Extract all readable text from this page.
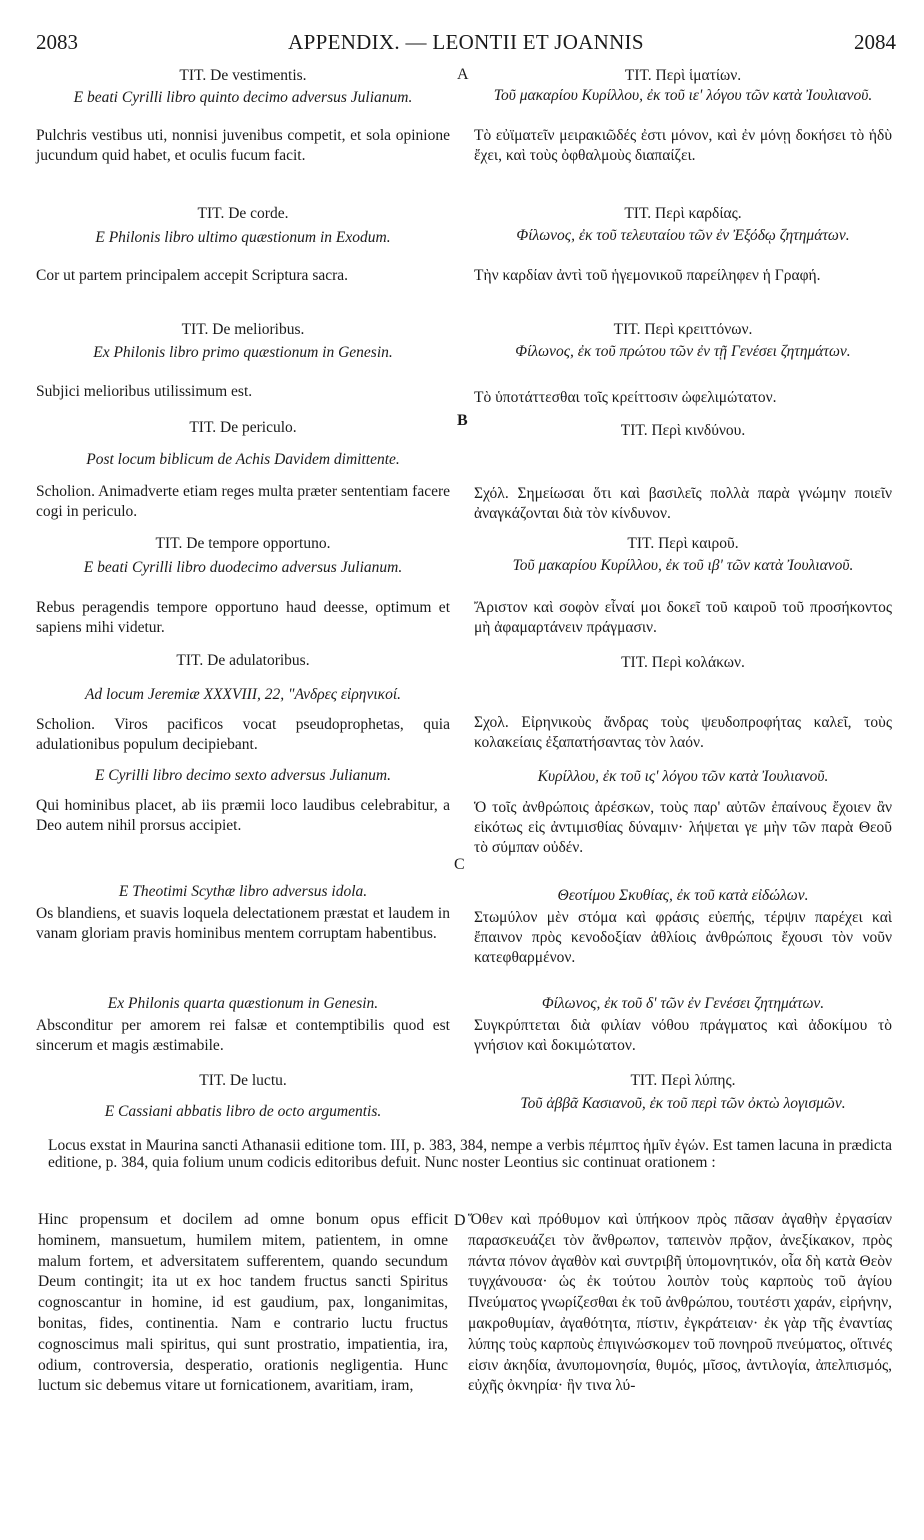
2083	APPENDIX. — LEONTII ET JOANNIS	2084
A
B
C
D
TIT. De vestimentis.
E beati Cyrilli libro quinto decimo adversus Julianum.
Pulchris vestibus uti, nonnisi juvenibus competit, et sola opinione jucundum quid habet, et oculis fucum facit.
TIT. De corde.
E Philonis libro ultimo quæstionum in Exodum.
Cor ut partem principalem accepit Scriptura sacra.
TIT. De melioribus.
Ex Philonis libro primo quæstionum in Genesin.
Subjici melioribus utilissimum est.
TIT. De periculo.
Post locum biblicum de Achis Davidem dimittente.
Scholion. Animadverte etiam reges multa præter sententiam facere cogi in periculo.
TIT. De tempore opportuno.
E beati Cyrilli libro duodecimo adversus Julianum.
Rebus peragendis tempore opportuno haud deesse, optimum et sapiens mihi videtur.
TIT. De adulatoribus.
Ad locum Jeremiæ XXXVIII, 22, "Ανδρες εἰρηνικοί.
Scholion. Viros pacificos vocat pseudoprophetas, quia adulationibus populum decipiebant.
E Cyrilli libro decimo sexto adversus Julianum.
Qui hominibus placet, ab iis præmii loco laudibus celebrabitur, a Deo autem nihil prorsus accipiet.
E Theotimi Scythæ libro adversus idola.
Os blandiens, et suavis loquela delectationem præstat et laudem in vanam gloriam pravis hominibus mentem corruptam habentibus.
Ex Philonis quarta quæstionum in Genesin.
Absconditur per amorem rei falsæ et contemptibilis quod est sincerum et magis æstimabile.
TIT. De luctu.
E Cassiani abbatis libro de octo argumentis.
TIT. Περὶ ἱματίων.
Τοῦ μακαρίου Κυρίλλου, ἐκ τοῦ ιε' λόγου τῶν κατὰ Ἰουλιανοῦ.
Τὸ εὐϊματεῖν μειρακιῶδές ἐστι μόνον, καὶ ἐν μόνῃ δοκήσει τὸ ἡδὺ ἔχει, καὶ τοὺς ὀφθαλμοὺς διαπαίζει.
TIT. Περὶ καρδίας.
Φίλωνος, ἐκ τοῦ τελευταίου τῶν ἐν Ἐξόδῳ ζητημάτων.
Τὴν καρδίαν ἀντὶ τοῦ ἡγεμονικοῦ παρείληφεν ἡ Γραφή.
TIT. Περὶ κρειττόνων.
Φίλωνος, ἐκ τοῦ πρώτου τῶν ἐν τῇ Γενέσει ζητημάτων.
Τὸ ὑποτάττεσθαι τοῖς κρείττοσιν ὠφελιμώτατον.
TIT. Περὶ κινδύνου.
Σχόλ. Σημείωσαι ὅτι καὶ βασιλεῖς πολλὰ παρὰ γνώμην ποιεῖν ἀναγκάζονται διὰ τὸν κίνδυνον.
TIT. Περὶ καιροῦ.
Τοῦ μακαρίου Κυρίλλου, ἐκ τοῦ ιβ' τῶν κατὰ Ἰουλιανοῦ.
Ἄριστον καὶ σοφὸν εἶναί μοι δοκεῖ τοῦ καιροῦ τοῦ προσήκοντος μὴ ἀφαμαρτάνειν πράγμασιν.
TIT. Περὶ κολάκων.
Σχολ. Εἰρηνικοὺς ἄνδρας τοὺς ψευδοπροφήτας καλεῖ, τοὺς κολακείαις ἐξαπατήσαντας τὸν λαόν.
Κυρίλλου, ἐκ τοῦ ις' λόγου τῶν κατὰ Ἰουλιανοῦ.
Ὁ τοῖς ἀνθρώποις ἀρέσκων, τοὺς παρ' αὐτῶν ἐπαίνους ἔχοιεν ἂν εἰκότως εἰς ἀντιμισθίας δύναμιν· λήψεται γε μὴν τῶν παρὰ Θεοῦ τὸ σύμπαν οὐδέν.
Θεοτίμου Σκυθίας, ἐκ τοῦ κατὰ εἰδώλων.
Στωμύλον μὲν στόμα καὶ φράσις εὐεπής, τέρψιν παρέχει καὶ ἔπαινον πρὸς κενοδοξίαν ἀθλίοις ἀνθρώποις ἔχουσι τὸν νοῦν κατεφθαρμένον.
Φίλωνος, ἐκ τοῦ δ' τῶν ἐν Γενέσει ζητημάτων.
Συγκρύπτεται διὰ φιλίαν νόθου πράγματος καὶ ἀδοκίμου τὸ γνήσιον καὶ δοκιμώτατον.
TIT. Περὶ λύπης.
Τοῦ ἀββᾶ Κασιανοῦ, ἐκ τοῦ περὶ τῶν ὀκτὼ λογισμῶν.
Locus exstat in Maurina sancti Athanasii editione tom. III, p. 383, 384, nempe a verbis πέμπτος ἡμῖν ἐγών. Est tamen lacuna in prædicta editione, p. 384, quia folium unum codicis editoribus defuit. Nunc noster Leontius sic continuat orationem :
Hinc propensum et docilem ad omne bonum opus efficit hominem, mansuetum, humilem mitem, patientem, in omne malum fortem, et adversitatem sufferentem, quando secundum Deum contingit; ita ut ex hoc tandem fructus sancti Spiritus cognoscantur in homine, id est gaudium, pax, longanimitas, bonitas, fides, continentia. Nam e contrario luctu fructus cognoscimus mali spiritus, qui sunt prostratio, impatientia, ira, odium, controversia, desperatio, orationis negligentia. Hunc luctum sic debemus vitare ut fornicationem, avaritiam, iram,
Ὅθεν καὶ πρόθυμον καὶ ὑπήκοον πρὸς πᾶσαν ἀγαθὴν ἐργασίαν παρασκευάζει τὸν ἄνθρωπον, ταπεινὸν πρᾷον, ἀνεξίκακον, πρὸς πάντα πόνον ἀγαθὸν καὶ συντριβῆ ὑπομονητικόν, οἷα δὴ κατὰ Θεὸν τυγχάνουσα· ὡς ἐκ τούτου λοιπὸν τοὺς καρποὺς τοῦ ἁγίου Πνεύματος γνωρίζεσθαι ἐκ τοῦ ἀνθρώπου, τουτέστι χαράν, εἰρήνην, μακροθυμίαν, ἀγαθότητα, πίστιν, ἐγκράτειαν· ἐκ γὰρ τῆς ἐναντίας λύπης τοὺς καρποὺς ἐπιγινώσκομεν τοῦ πονηροῦ πνεύματος, οἵτινές εἰσιν ἀκηδία, ἀνυπομονησία, θυμός, μῖσος, ἀντιλογία, ἀπελπισμός, εὐχῆς ὀκνηρία· ἣν τινα λύ-
